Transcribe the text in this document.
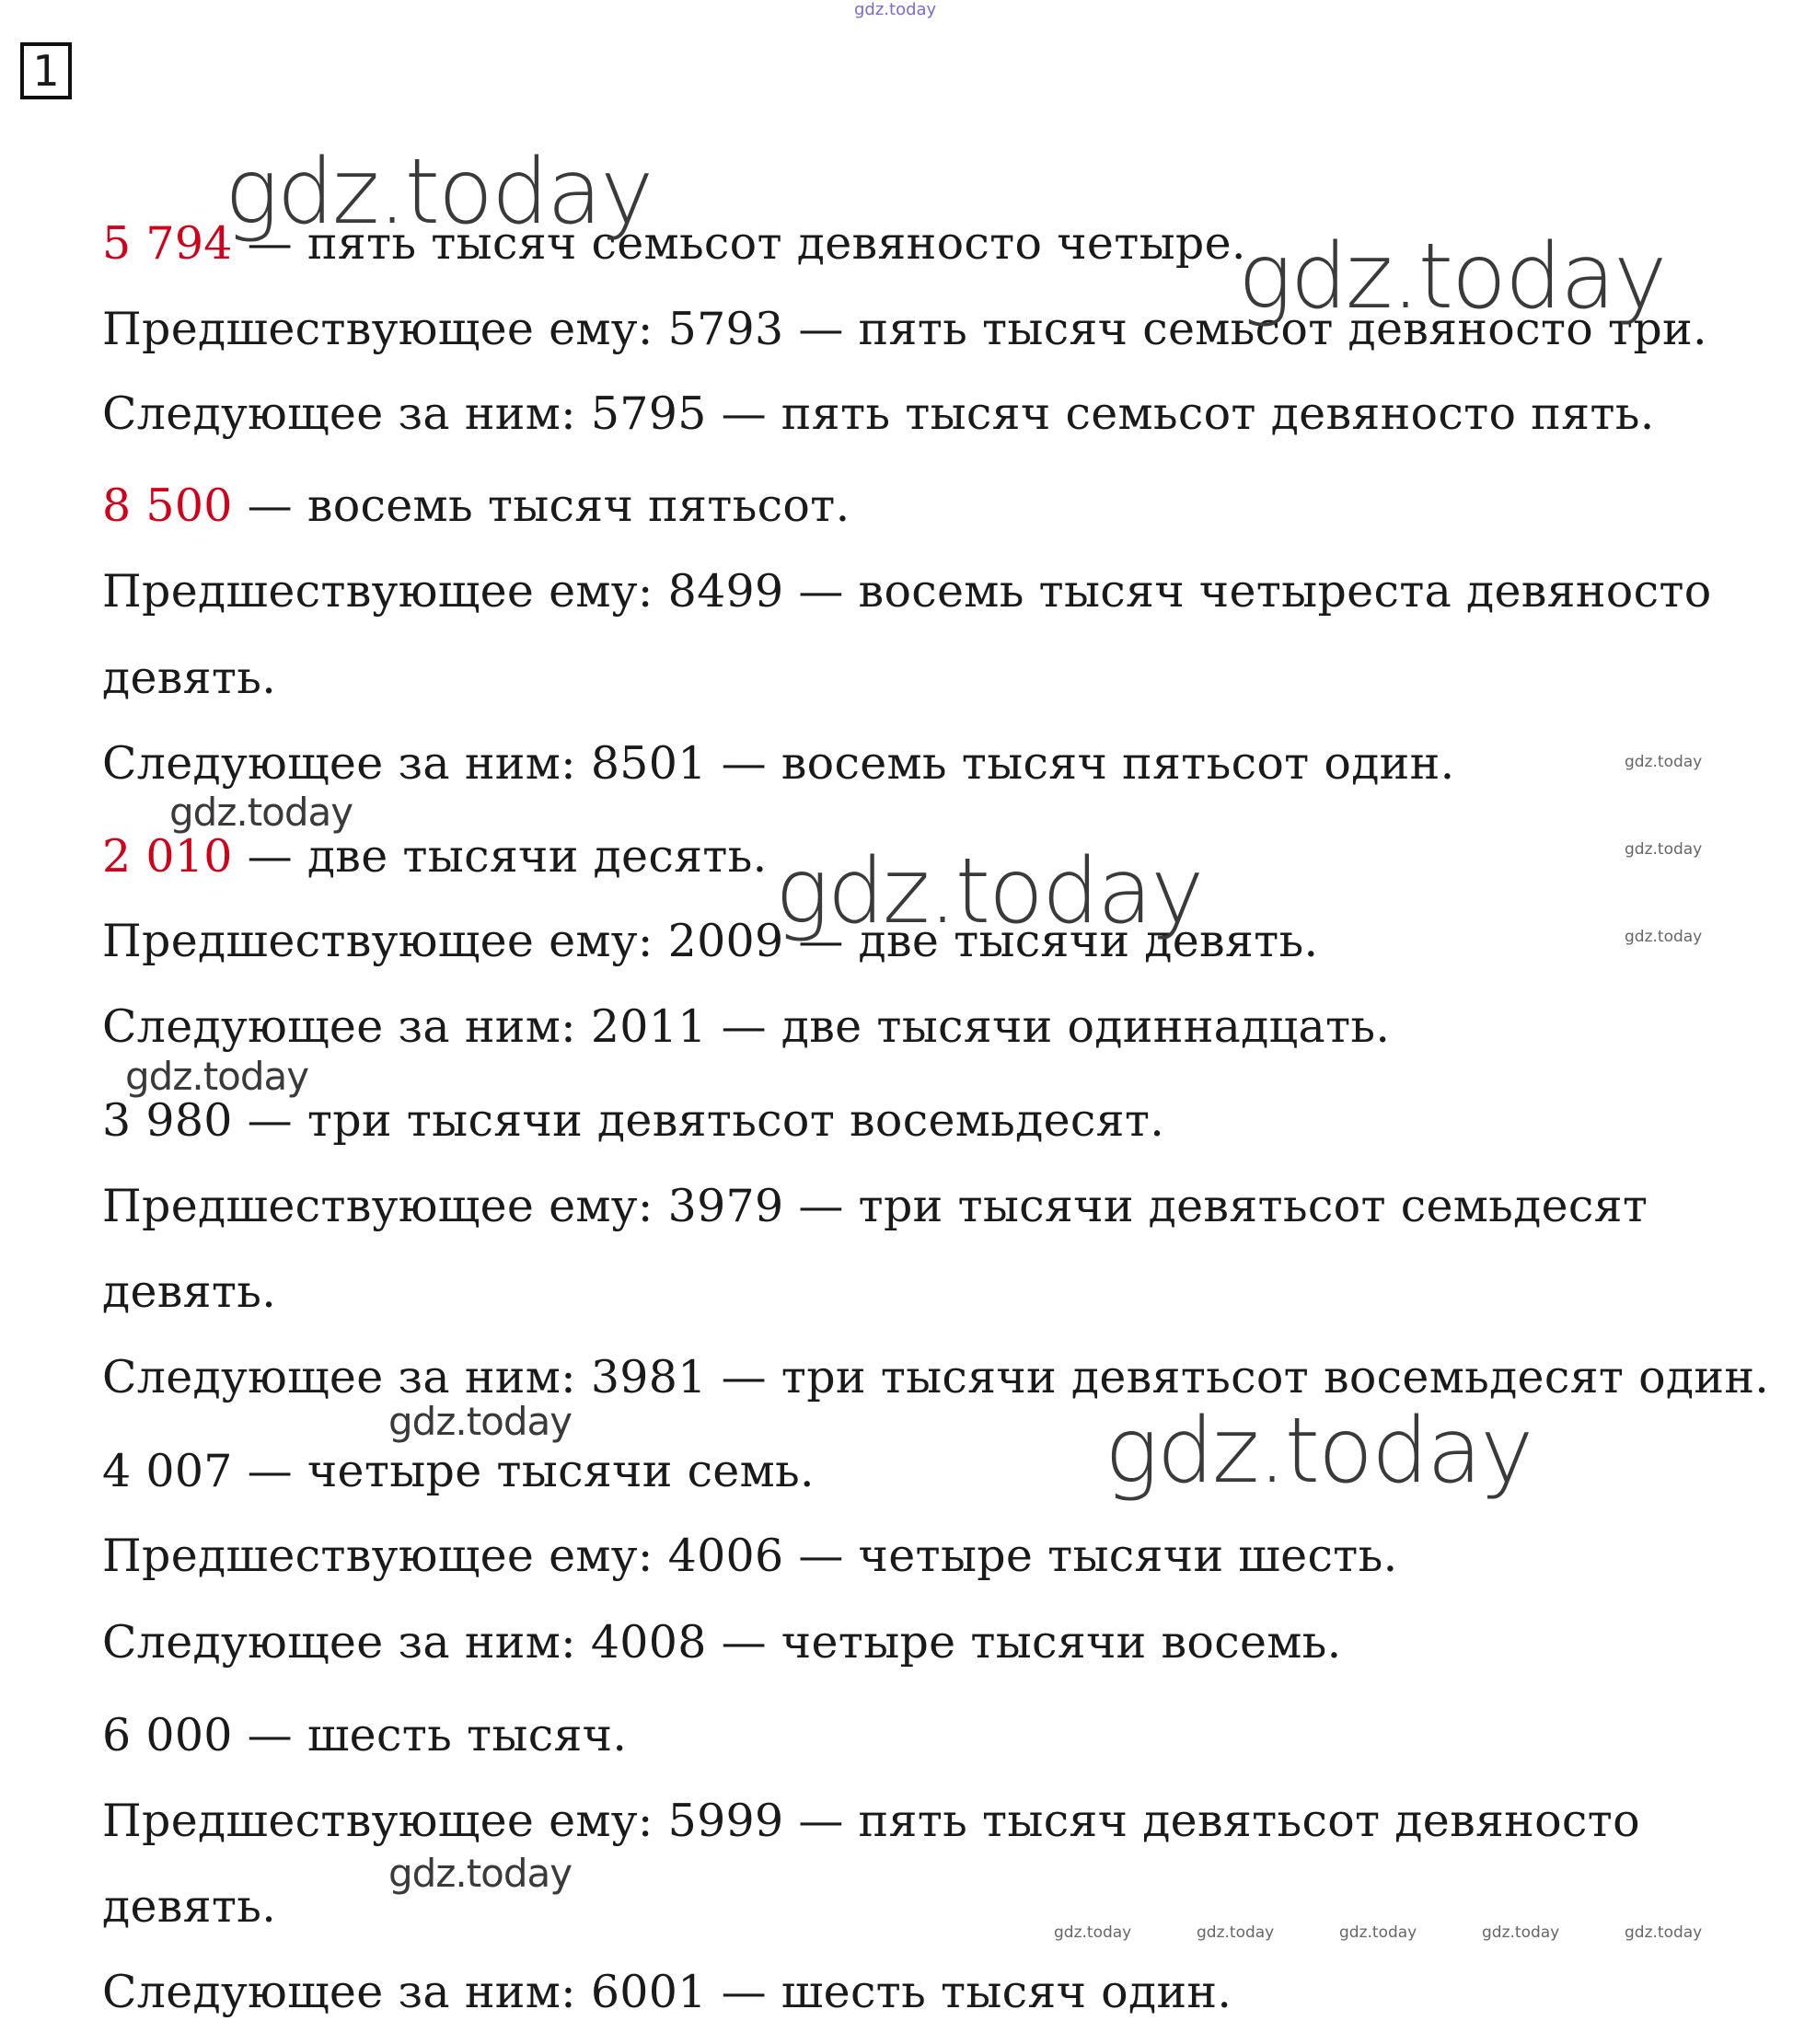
1
5 794 — пять тысяч семьсот девяносто четыре.
Предшествующее ему: 5793 — пять тысяч семьсот девяносто три.
Следующее за ним: 5795 — пять тысяч семьсот девяносто пять.
8 500 — восемь тысяч пятьсот.
Предшествующее ему: 8499 — восемь тысяч четыреста девяносто
девять.
Следующее за ним: 8501 — восемь тысяч пятьсот один.
2 010 — две тысячи десять.
Предшествующее ему: 2009 — две тысячи девять.
Следующее за ним: 2011 — две тысячи одиннадцать.
3 980 — три тысячи девятьсот восемьдесят.
Предшествующее ему: 3979 — три тысячи девятьсот семьдесят
девять.
Следующее за ним: 3981 — три тысячи девятьсот восемьдесят один.
4 007 — четыре тысячи семь.
Предшествующее ему: 4006 — четыре тысячи шесть.
Следующее за ним: 4008 — четыре тысячи восемь.
6 000 — шесть тысяч.
Предшествующее ему: 5999 — пять тысяч девятьсот девяносто
девять.
Следующее за ним: 6001 — шесть тысяч один.
gdz.today
gdz.today
gdz.today
gdz.today
gdz.today
gdz.today
gdz.today	gdz.today
gdz.today
gdz.today
gdz.today
gdz.today
gdz.today	gdz.today	gdz.today	gdz.today	gdz.today
